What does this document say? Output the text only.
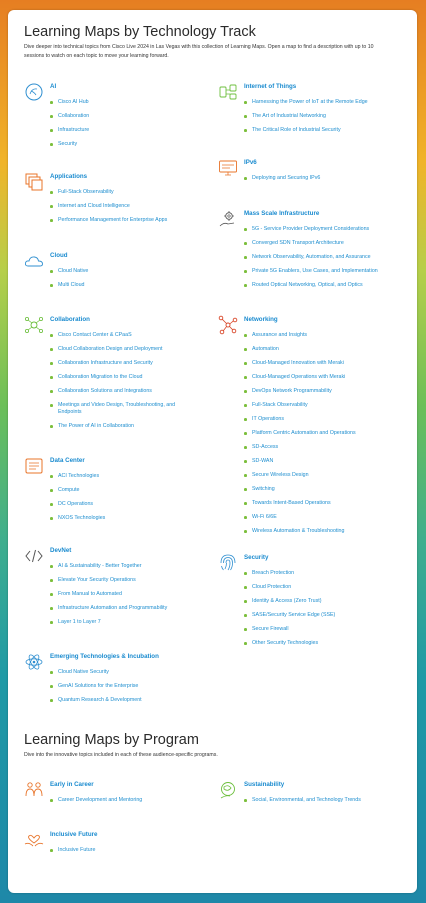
Learning Maps by Technology Track

Dive deeper into technical topics from Cisco Live 2024 in Las Vegas with this collection of Learning Maps. Open a map to find a description with up to 10 sessions to watch on each topic to move your learning forward.

AI
Cisco AI Hub
Collaboration
Infrastructure
Security
Applications
Full-Stack Observability
Internet and Cloud Intelligence
Performance Management for Enterprise Apps
Cloud
Cloud Native
Multi Cloud
Collaboration
Cisco Contact Center & CPaaS
Cloud Collaboration Design and Deployment
Collaboration Infrastructure and Security
Collaboration Migration to the Cloud
Collaboration Solutions and Integrations
Meetings and Video Design, Troubleshooting, and Endpoints
The Power of AI in Collaboration
Data Center
ACI Technologies
Compute
DC Operations
NXOS Technologies
DevNet
AI & Sustainability - Better Together
Elevate Your Security Operations
From Manual to Automated
Infrastructure Automation and Programmability
Layer 1 to Layer 7
Emerging Technologies & Incubation
Cloud Native Security
GenAI Solutions for the Enterprise
Quantum Research & Development
Internet of Things
Harnessing the Power of IoT at the Remote Edge
The Art of Industrial Networking
The Critical Role of Industrial Security
IPv6
Deploying and Securing IPv6
Mass Scale Infrastructure
5G - Service Provider Deployment Considerations
Converged SDN Transport Architecture
Network Observability, Automation, and Assurance
Private 5G Enablers, Use Cases, and Implementation
Routed Optical Networking, Optical, and Optics
Networking
Assurance and Insights
Automation
Cloud-Managed Innovation with Meraki
Cloud-Managed Operations with Meraki
DevOps Network Programmability
Full-Stack Observability
IT Operations
Platform Centric Automation and Operations
SD-Access
SD-WAN
Secure Wireless Design
Switching
Towards Intent-Based Operations
Wi-Fi 6/6E
Wireless Automation & Troubleshooting
Security
Breach Protection
Cloud Protection
Identity & Access (Zero Trust)
SASE/Security Service Edge (SSE)
Secure Firewall
Other Security Technologies
Learning Maps by Program

Dive into the innovative topics included in each of these audience-specific programs.

Early in Career
Career Development and Mentoring
Sustainability
Social, Environmental, and Technology Trends
Inclusive Future
Inclusive Future
